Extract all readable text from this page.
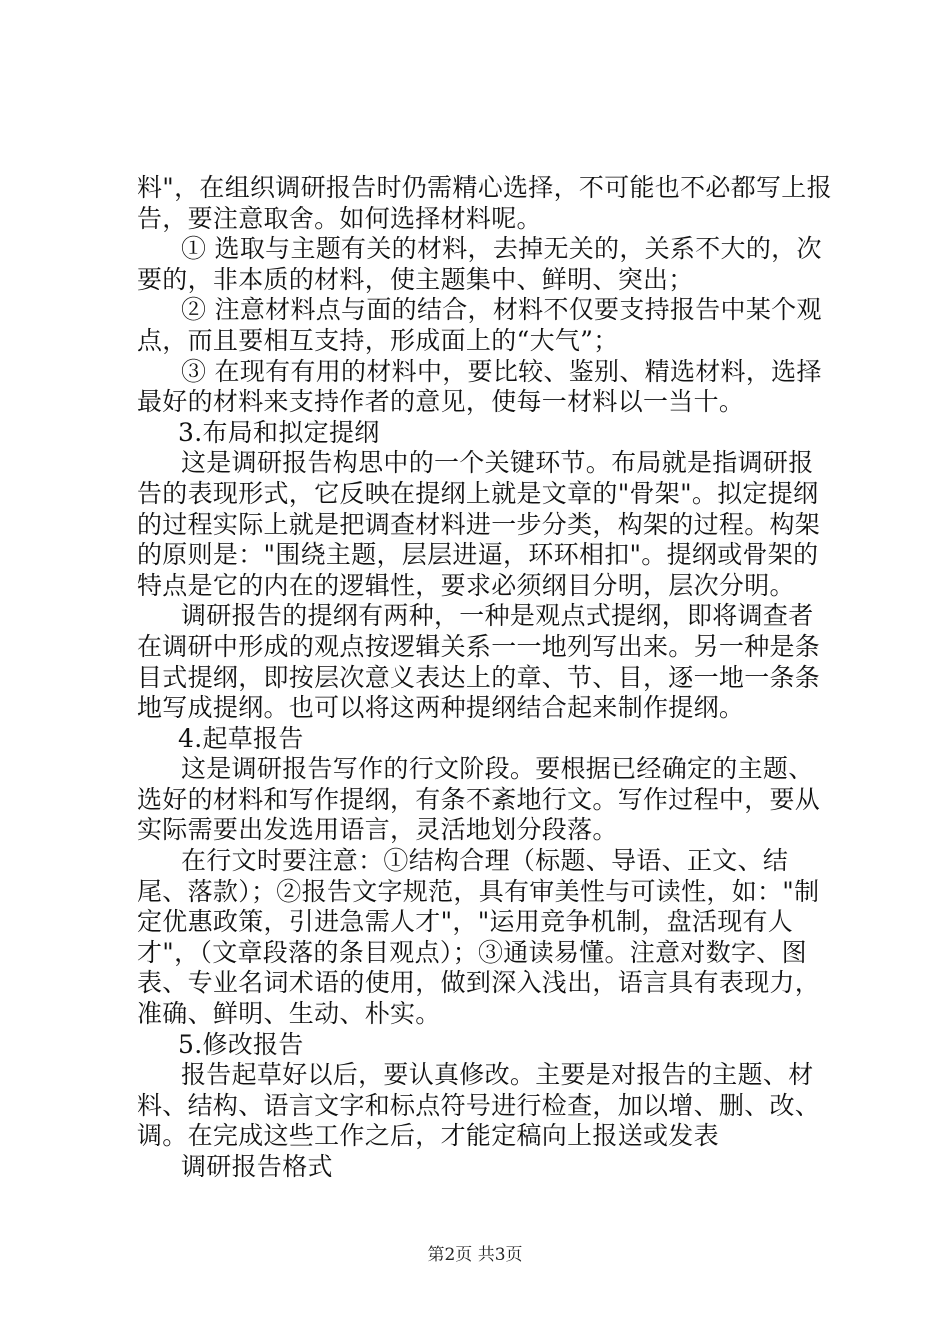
料"，在组织调研报告时仍需精心选择，不可能也不必都写上报告，要注意取舍。如何选择材料呢。

① 选取与主题有关的材料，去掉无关的，关系不大的，次要的，非本质的材料，使主题集中、鲜明、突出；

② 注意材料点与面的结合，材料不仅要支持报告中某个观点，而且要相互支持，形成面上的“大气”；

③ 在现有有用的材料中，要比较、鉴别、精选材料，选择最好的材料来支持作者的意见，使每一材料以一当十。

3.布局和拟定提纲

这是调研报告构思中的一个关键环节。布局就是指调研报告的表现形式，它反映在提纲上就是文章的"骨架"。拟定提纲的过程实际上就是把调查材料进一步分类，构架的过程。构架的原则是："围绕主题，层层进逼，环环相扣"。提纲或骨架的特点是它的内在的逻辑性，要求必须纲目分明，层次分明。

调研报告的提纲有两种，一种是观点式提纲，即将调查者在调研中形成的观点按逻辑关系一一地列写出来。另一种是条目式提纲，即按层次意义表达上的章、节、目，逐一地一条条地写成提纲。也可以将这两种提纲结合起来制作提纲。

4.起草报告

这是调研报告写作的行文阶段。要根据已经确定的主题、选好的材料和写作提纲，有条不紊地行文。写作过程中，要从实际需要出发选用语言，灵活地划分段落。

在行文时要注意：①结构合理（标题、导语、正文、结尾、落款）；②报告文字规范，具有审美性与可读性，如："制定优惠政策，引进急需人才"，"运用竞争机制，盘活现有人才"，（文章段落的条目观点）；③通读易懂。注意对数字、图表、专业名词术语的使用，做到深入浅出，语言具有表现力，准确、鲜明、生动、朴实。

5.修改报告

报告起草好以后，要认真修改。主要是对报告的主题、材料、结构、语言文字和标点符号进行检查，加以增、删、改、调。在完成这些工作之后，才能定稿向上报送或发表

调研报告格式

第2页 共3页
